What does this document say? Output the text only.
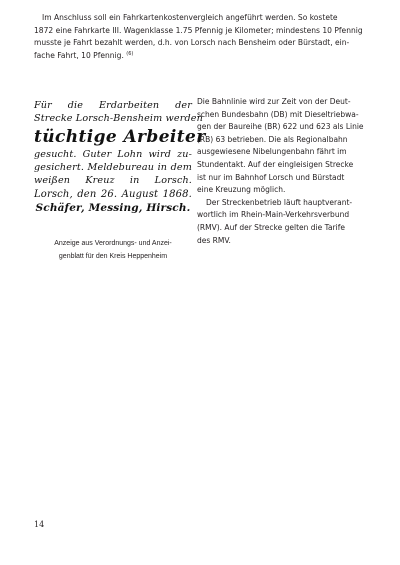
Im Anschluss soll ein Fahrkartenkostenvergleich angeführt werden. So kostete
1872 eine Fahrkarte III. Wagenklasse 1.75 Pfennig je Kilometer; mindestens 10 Pfennig
musste je Fahrt bezahlt werden, d.h. von Lorsch nach Bensheim oder Bürstadt, ein-
fache Fahrt, 10 Pfennig. $^{(6)}$
Für die Erdarbeiten der
Strecke Lorsch-Bensheim werden
tüchtige Arbeiter
gesucht. Guter Lohn wird zu-
gesichert. Meldebureau in dem
weißen Kreuz in Lorsch.
Lorsch, den 26. August 1868.
Schäfer, Messing, Hirsch.
Anzeige aus Verordnungs- und Anzei-
genblatt für den Kreis Heppenheim

Die Bahnlinie wird zur Zeit von der Deut-
schen Bundesbahn (DB) mit Dieseltriebwa-
gen der Baureihe (BR) 622 und 623 als Linie
(RB) 63 betrieben. Die als Regionalbahn
ausgewiesene Nibelungenbahn fährt im
Stundentakt. Auf der eingleisigen Strecke
ist nur im Bahnhof Lorsch und Bürstadt
eine Kreuzung möglich.

Der Streckenbetrieb läuft hauptverant-
wortlich im Rhein-Main-Verkehrsverbund
(RMV). Auf der Strecke gelten die Tarife
des RMV.

14
